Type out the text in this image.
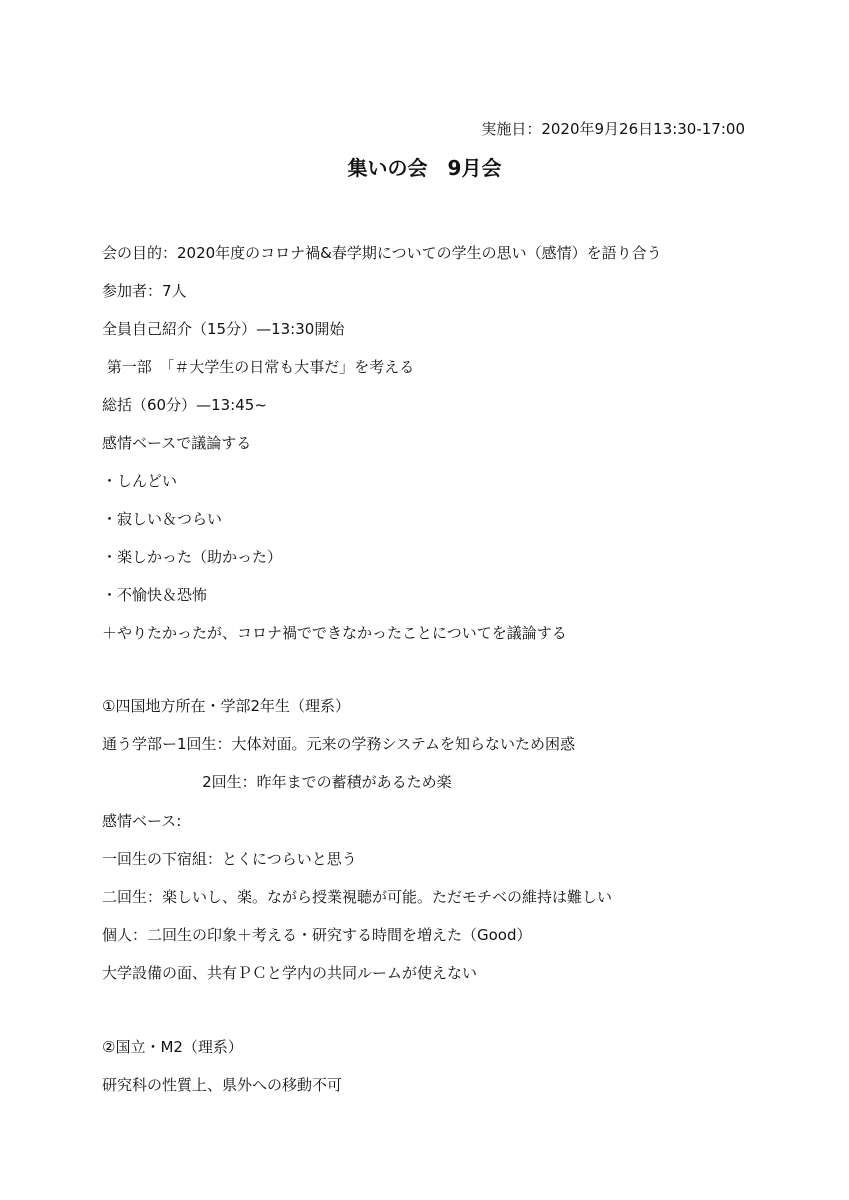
実施日：2020年9月26日13:30-17:00
集いの会　9月会
会の目的：2020年度のコロナ禍&春学期についての学生の思い（感情）を語り合う
参加者：7人
全員自己紹介（15分）—13:30開始
第一部　「＃大学生の日常も大事だ」を考える
総括（60分）—13:45~
感情ベースで議論する
・しんどい
・寂しい＆つらい
・楽しかった（助かった）
・不愉快＆恐怖
＋やりたかったが、コロナ禍でできなかったことについてを議論する
①四国地方所在・学部2年生（理系）
通う学部ー1回生：大体対面。元来の学務システムを知らないため困惑
2回生：昨年までの蓄積があるため楽
感情ベース:
一回生の下宿組：とくにつらいと思う
二回生：楽しいし、楽。ながら授業視聴が可能。ただモチベの維持は難しい
個人：二回生の印象＋考える・研究する時間を増えた（Good）
大学設備の面、共有ＰＣと学内の共同ルームが使えない
②国立・M2（理系）
研究科の性質上、県外への移動不可
